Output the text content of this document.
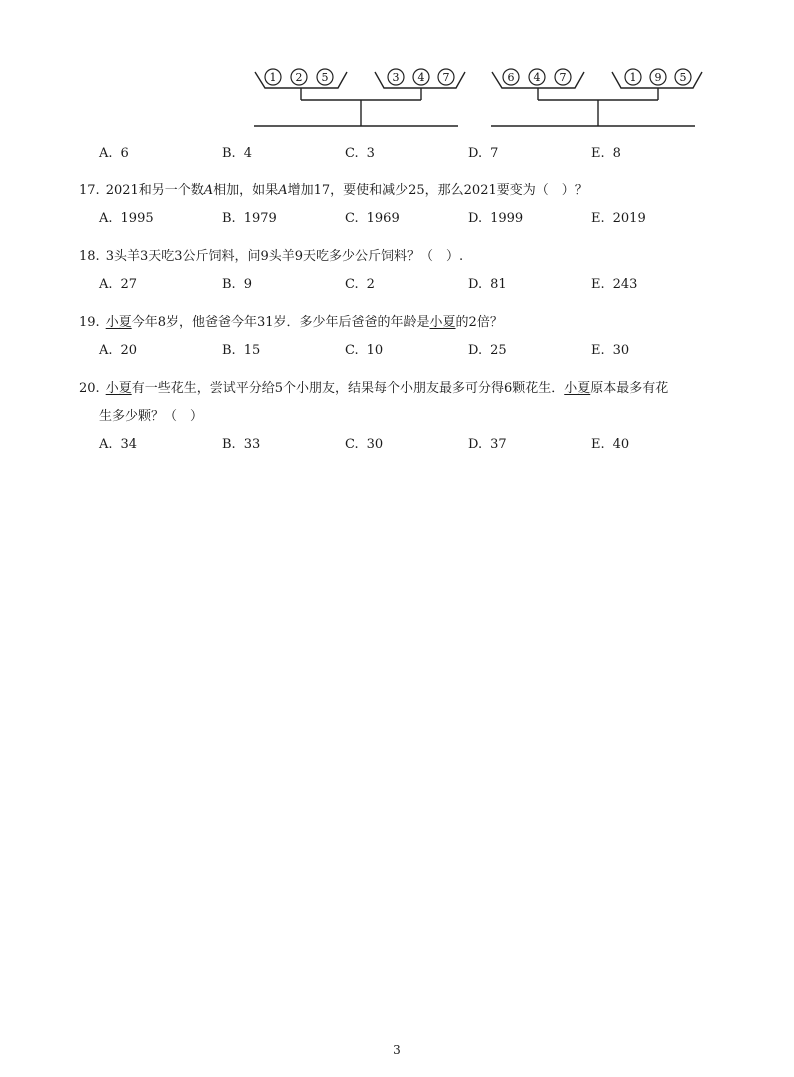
1 2 5	3 4 7	6 4 7	1 9 5
A. 6	B. 4	C. 3	D. 7	E. 8
17. 2021和另一个数A相加，如果A增加17，要使和减少25，那么2021要变为（　）？
A. 1995	B. 1979	C. 1969	D. 1999	E. 2019
18. 3头羊3天吃3公斤饲料，问9头羊9天吃多少公斤饲料？（　）.
A. 27	B. 9	C. 2	D. 81	E. 243
19. 小夏今年8岁，他爸爸今年31岁．多少年后爸爸的年龄是小夏的2倍？
A. 20	B. 15	C. 10	D. 25	E. 30
20. 小夏有一些花生，尝试平分给5个小朋友，结果每个小朋友最多可分得6颗花生．小夏原本最多有花
生多少颗？（　）
A. 34	B. 33	C. 30	D. 37	E. 40
3
